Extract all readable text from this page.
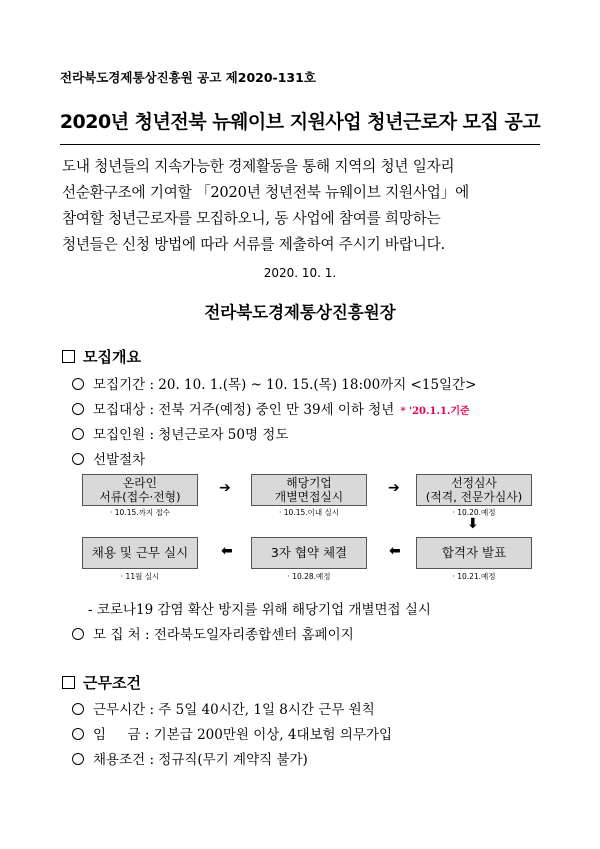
전라북도경제통상진흥원 공고 제2020-131호
2020년 청년전북 뉴웨이브 지원사업 청년근로자 모집 공고
도내 청년들의 지속가능한 경제활동을 통해 지역의 청년 일자리
선순환구조에 기여할 「2020년 청년전북 뉴웨이브 지원사업」에
참여할 청년근로자를 모집하오니, 동 사업에 참여를 희망하는
청년들은 신청 방법에 따라 서류를 제출하여 주시기 바랍니다.
2020. 10. 1.
전라북도경제통상진흥원장
모집개요
모집기간 : 20. 10. 1.(목) ~ 10. 15.(목) 18:00까지 <15일간>
모집대상 : 전북 거주(예정) 중인 만 39세 이하 청년 * '20.1.1.기준
모집인원 : 청년근로자 50명 정도
선발절차
온라인
서류(접수·전형)
· 10.15.까지 접수
➔	해당기업
개별면접실시
· 10.15.이내 실시
➔	선정심사
(적격, 전문가심사)
· 10.20.예정
⬇
채용 및 근무 실시
· 11월 실시
⬅	3자 협약 체결
· 10.28.예정
⬅	합격자 발표
· 10.21.예정
- 코로나19 감염 확산 방지를 위해 해당기업 개별면접 실시
모 집 처 : 전라북도일자리종합센터 홈페이지
근무조건
근무시간 : 주 5일 40시간, 1일 8시간 근무 원칙
임     금 : 기본급 200만원 이상, 4대보험 의무가입
채용조건 : 정규직(무기 계약직 불가)
